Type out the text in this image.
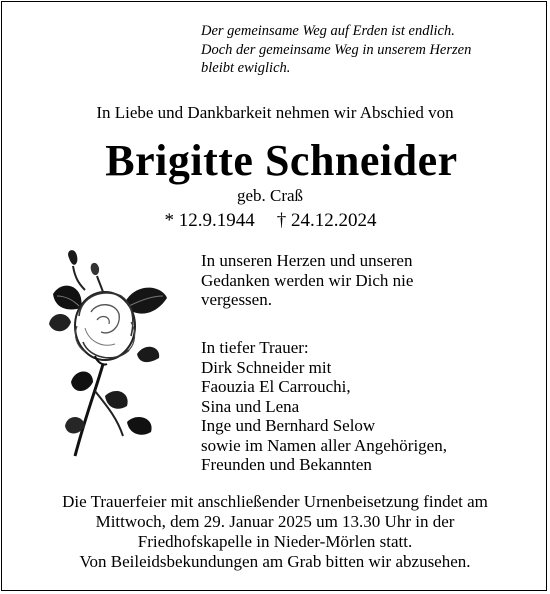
Der gemeinsame Weg auf Erden ist endlich.
Doch der gemeinsame Weg in unserem Herzen
bleibt ewiglich.
In Liebe und Dankbarkeit nehmen wir Abschied von
Brigitte Schneider
geb. Craß
* 12.9.1944 † 24.12.2024
In unseren Herzen und unseren
Gedanken werden wir Dich nie
vergessen.
In tiefer Trauer:
Dirk Schneider mit
Faouzia El Carrouchi,
Sina und Lena
Inge und Bernhard Selow
sowie im Namen aller Angehörigen,
Freunden und Bekannten
Die Trauerfeier mit anschließender Urnenbeisetzung findet am
Mittwoch, dem 29. Januar 2025 um 13.30 Uhr in der
Friedhofskapelle in Nieder-Mörlen statt.
Von Beileidsbekundungen am Grab bitten wir abzusehen.
